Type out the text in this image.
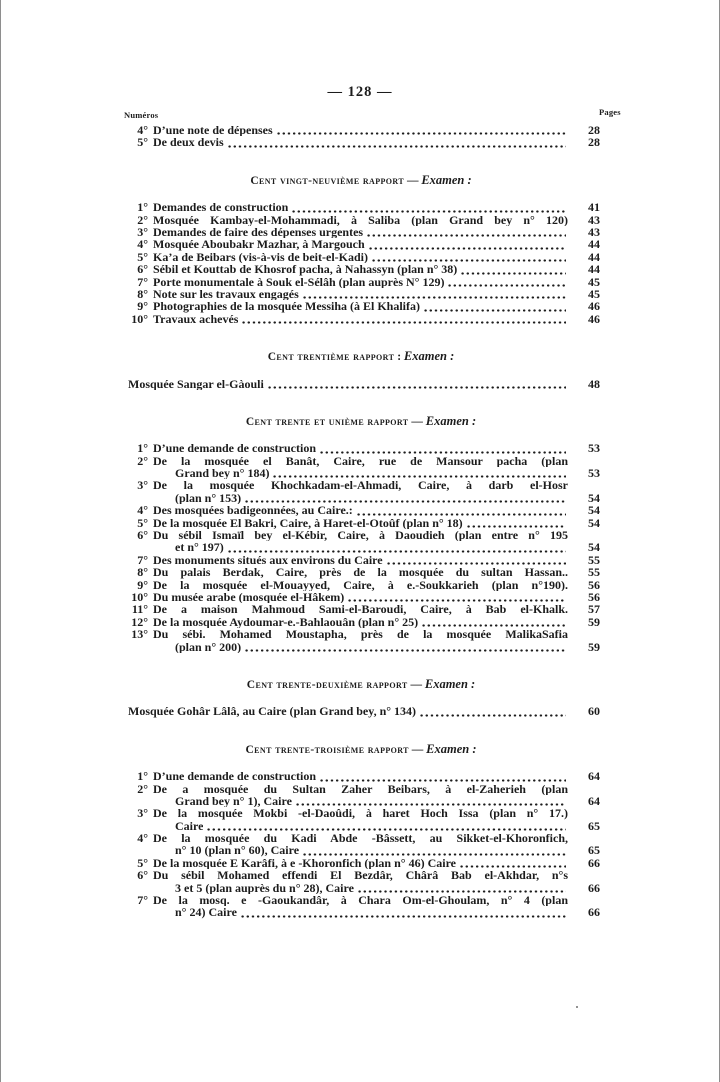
— 128 —
Numéros	Pages
4° D’une note de dépenses	28
5° De deux devis	28
Cent vingt-neuvième rapport — Examen :
1° Demandes de construction	41
2° Mosquée Kambay-el-Mohammadi, à Saliba (plan Grand bey n° 120)	43
3° Demandes de faire des dépenses urgentes	43
4° Mosquée Aboubakr Mazhar, à Margouch	44
5° Ka’a de Beibars (vis-à-vis de beit-el-Kadi)	44
6° Sébil et Kouttab de Khosrof pacha, à Nahassyn (plan n° 38)	44
7° Porte monumentale à Souk el-Sélâh (plan auprès N° 129)	45
8° Note sur les travaux engagés	45
9° Photographies de la mosquée Messiha (à El Khalifa)	46
10° Travaux achevés	46
Cent trentième rapport : Examen :
Mosquée Sangar el-Gàouli	48
Cent trente et unième rapport — Examen :
1° D’une demande de construction	53
2° De la mosquée el Banât, Caire, rue de Mansour pacha (plan
Grand bey n° 184)	53
3° De la mosquée Khochkadam-el-Ahmadi, Caire, à darb el-Hosr
(plan n° 153)	54
4° Des mosquées badigeonnées, au Caire.:	54
5° De la mosquée El Bakri, Caire, à Haret-el-Otoûf (plan n° 18)	54
6° Du sébil Ismaïl bey el-Kébir, Caire, à Daoudieh (plan entre n° 195
et n° 197)	54
7° Des monuments situés aux environs du Caire	55
8° Du palais Berdak, Caire, près de la mosquée du sultan Hassan..	55
9° De la mosquée el-Mouayyed, Caire, à e.-Soukkarieh (plan n°190).	56
10° Du musée arabe (mosquée el-Hâkem)	56
11° De a maison Mahmoud Sami-el-Baroudi, Caire, à Bab el-Khalk.	57
12° De la mosquée Aydoumar-e.-Bahlaouân (plan n° 25)	59
13° Du sébi. Mohamed Moustapha, près de la mosquée MalikaSafia
(plan n° 200)	59
Cent trente-deuxième rapport — Examen :
Mosquée Gohâr Lâlâ, au Caire (plan Grand bey, n° 134)	60
Cent trente-troisième rapport — Examen :
1° D’une demande de construction	64
2° De a mosquée du Sultan Zaher Beibars, à el-Zaherieh (plan
Grand bey n° 1), Caire	64
3° De la mosquée Mokbi -el-Daoûdi, à haret Hoch Issa (plan n° 17.)
Caire	65
4° De la mosquée du Kadi Abde -Bâssett, au Sikket-el-Khoronfich,
n° 10 (plan n° 60), Caire	65
5° De la mosquée E Karâfi, à e -Khoronfich (plan n° 46) Caire	66
6° Du sébil Mohamed effendi El Bezdâr, Chârâ Bab el-Akhdar, n°s
3 et 5 (plan auprès du n° 28), Caire	66
7° De la mosq. e -Gaoukandâr, à Chara Om-el-Ghoulam, n° 4 (plan
n° 24) Caire	66
